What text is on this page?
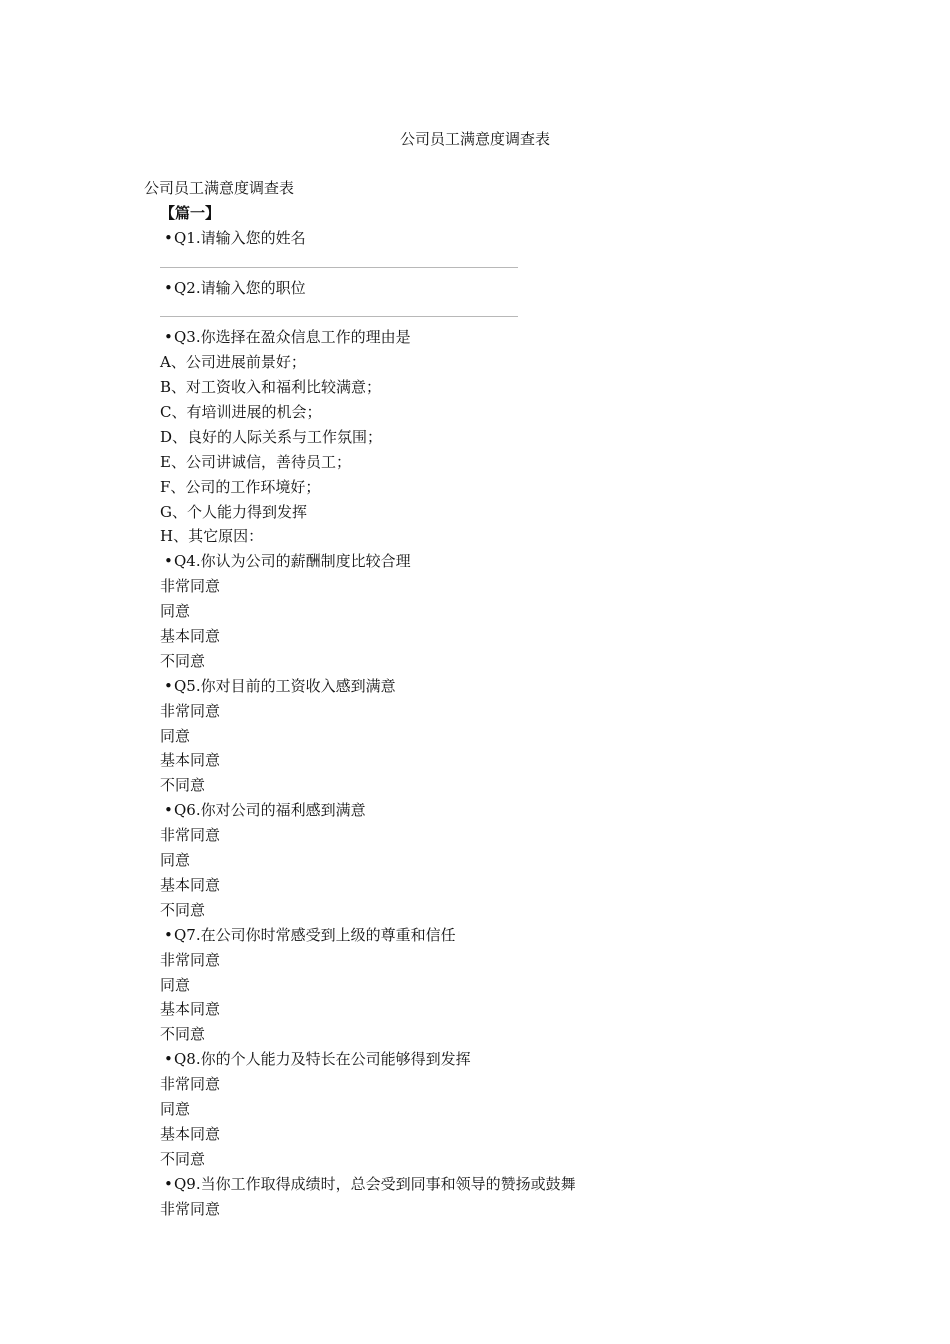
公司员工满意度调查表
公司员工满意度调查表
【篇一】
•Q1.请输入您的姓名
•Q2.请输入您的职位
•Q3.你选择在盈众信息工作的理由是
A、公司进展前景好；
B、对工资收入和福利比较满意；
C、有培训进展的机会；
D、良好的人际关系与工作氛围；
E、公司讲诚信，善待员工；
F、公司的工作环境好；
G、个人能力得到发挥
H、其它原因：
•Q4.你认为公司的薪酬制度比较合理
非常同意
同意
基本同意
不同意
•Q5.你对目前的工资收入感到满意
非常同意
同意
基本同意
不同意
•Q6.你对公司的福利感到满意
非常同意
同意
基本同意
不同意
•Q7.在公司你时常感受到上级的尊重和信任
非常同意
同意
基本同意
不同意
•Q8.你的个人能力及特长在公司能够得到发挥
非常同意
同意
基本同意
不同意
•Q9.当你工作取得成绩时，总会受到同事和领导的赞扬或鼓舞
非常同意
